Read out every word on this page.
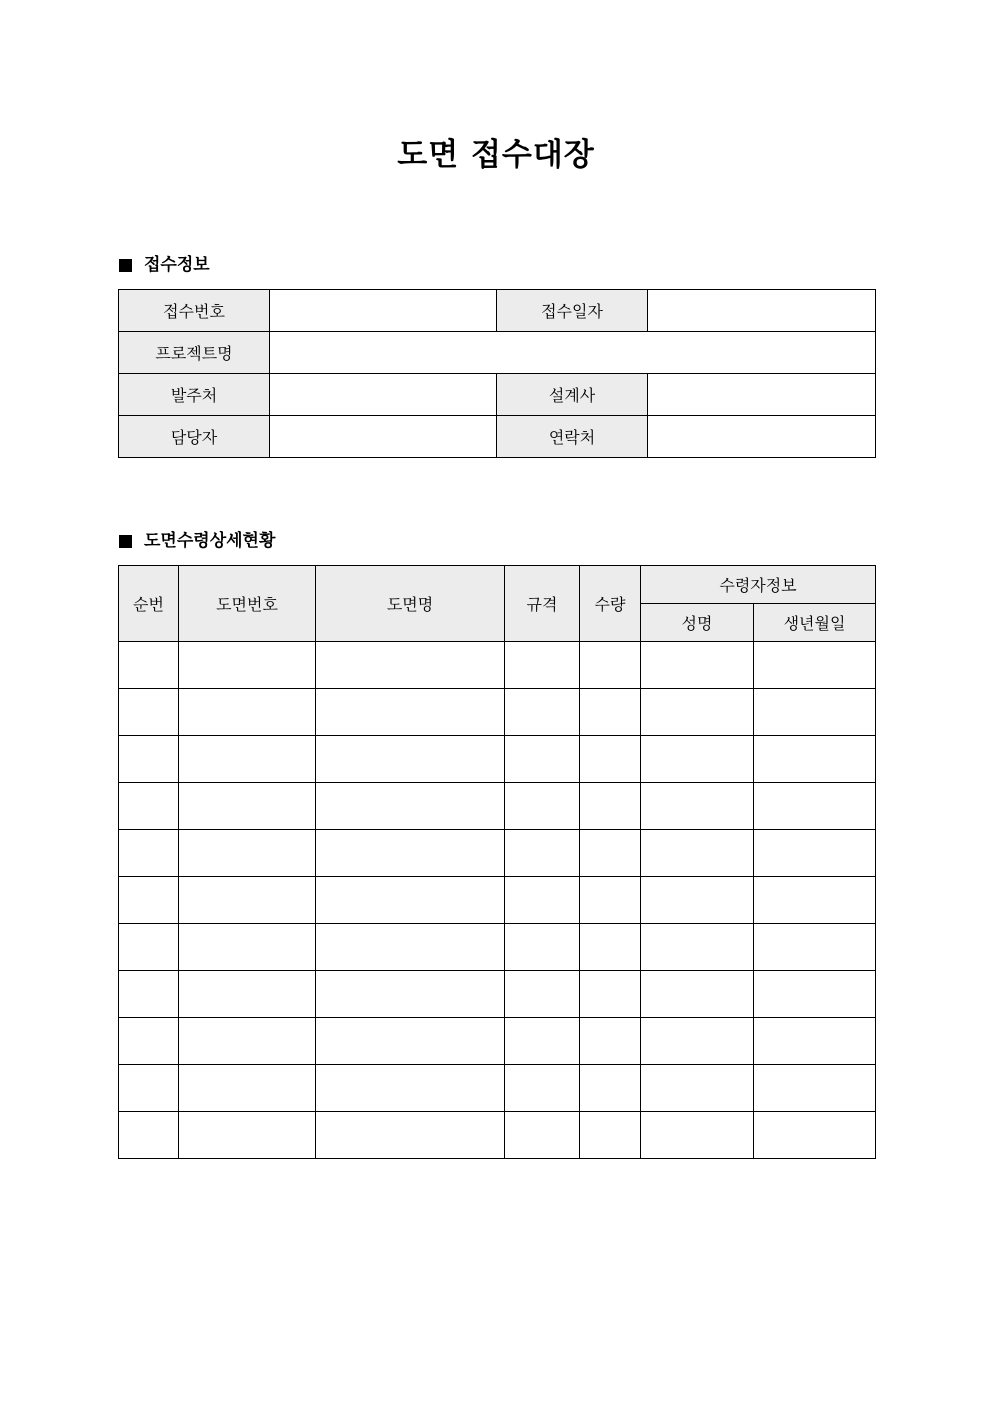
도면 접수대장
접수정보
접수번호		접수일자	
프로젝트명			
발주처		설계사	
담당자		연락처	
도면수령상세현황
순번	도면번호	도면명	규격	수량	수령자정보	
					성명	생년월일
